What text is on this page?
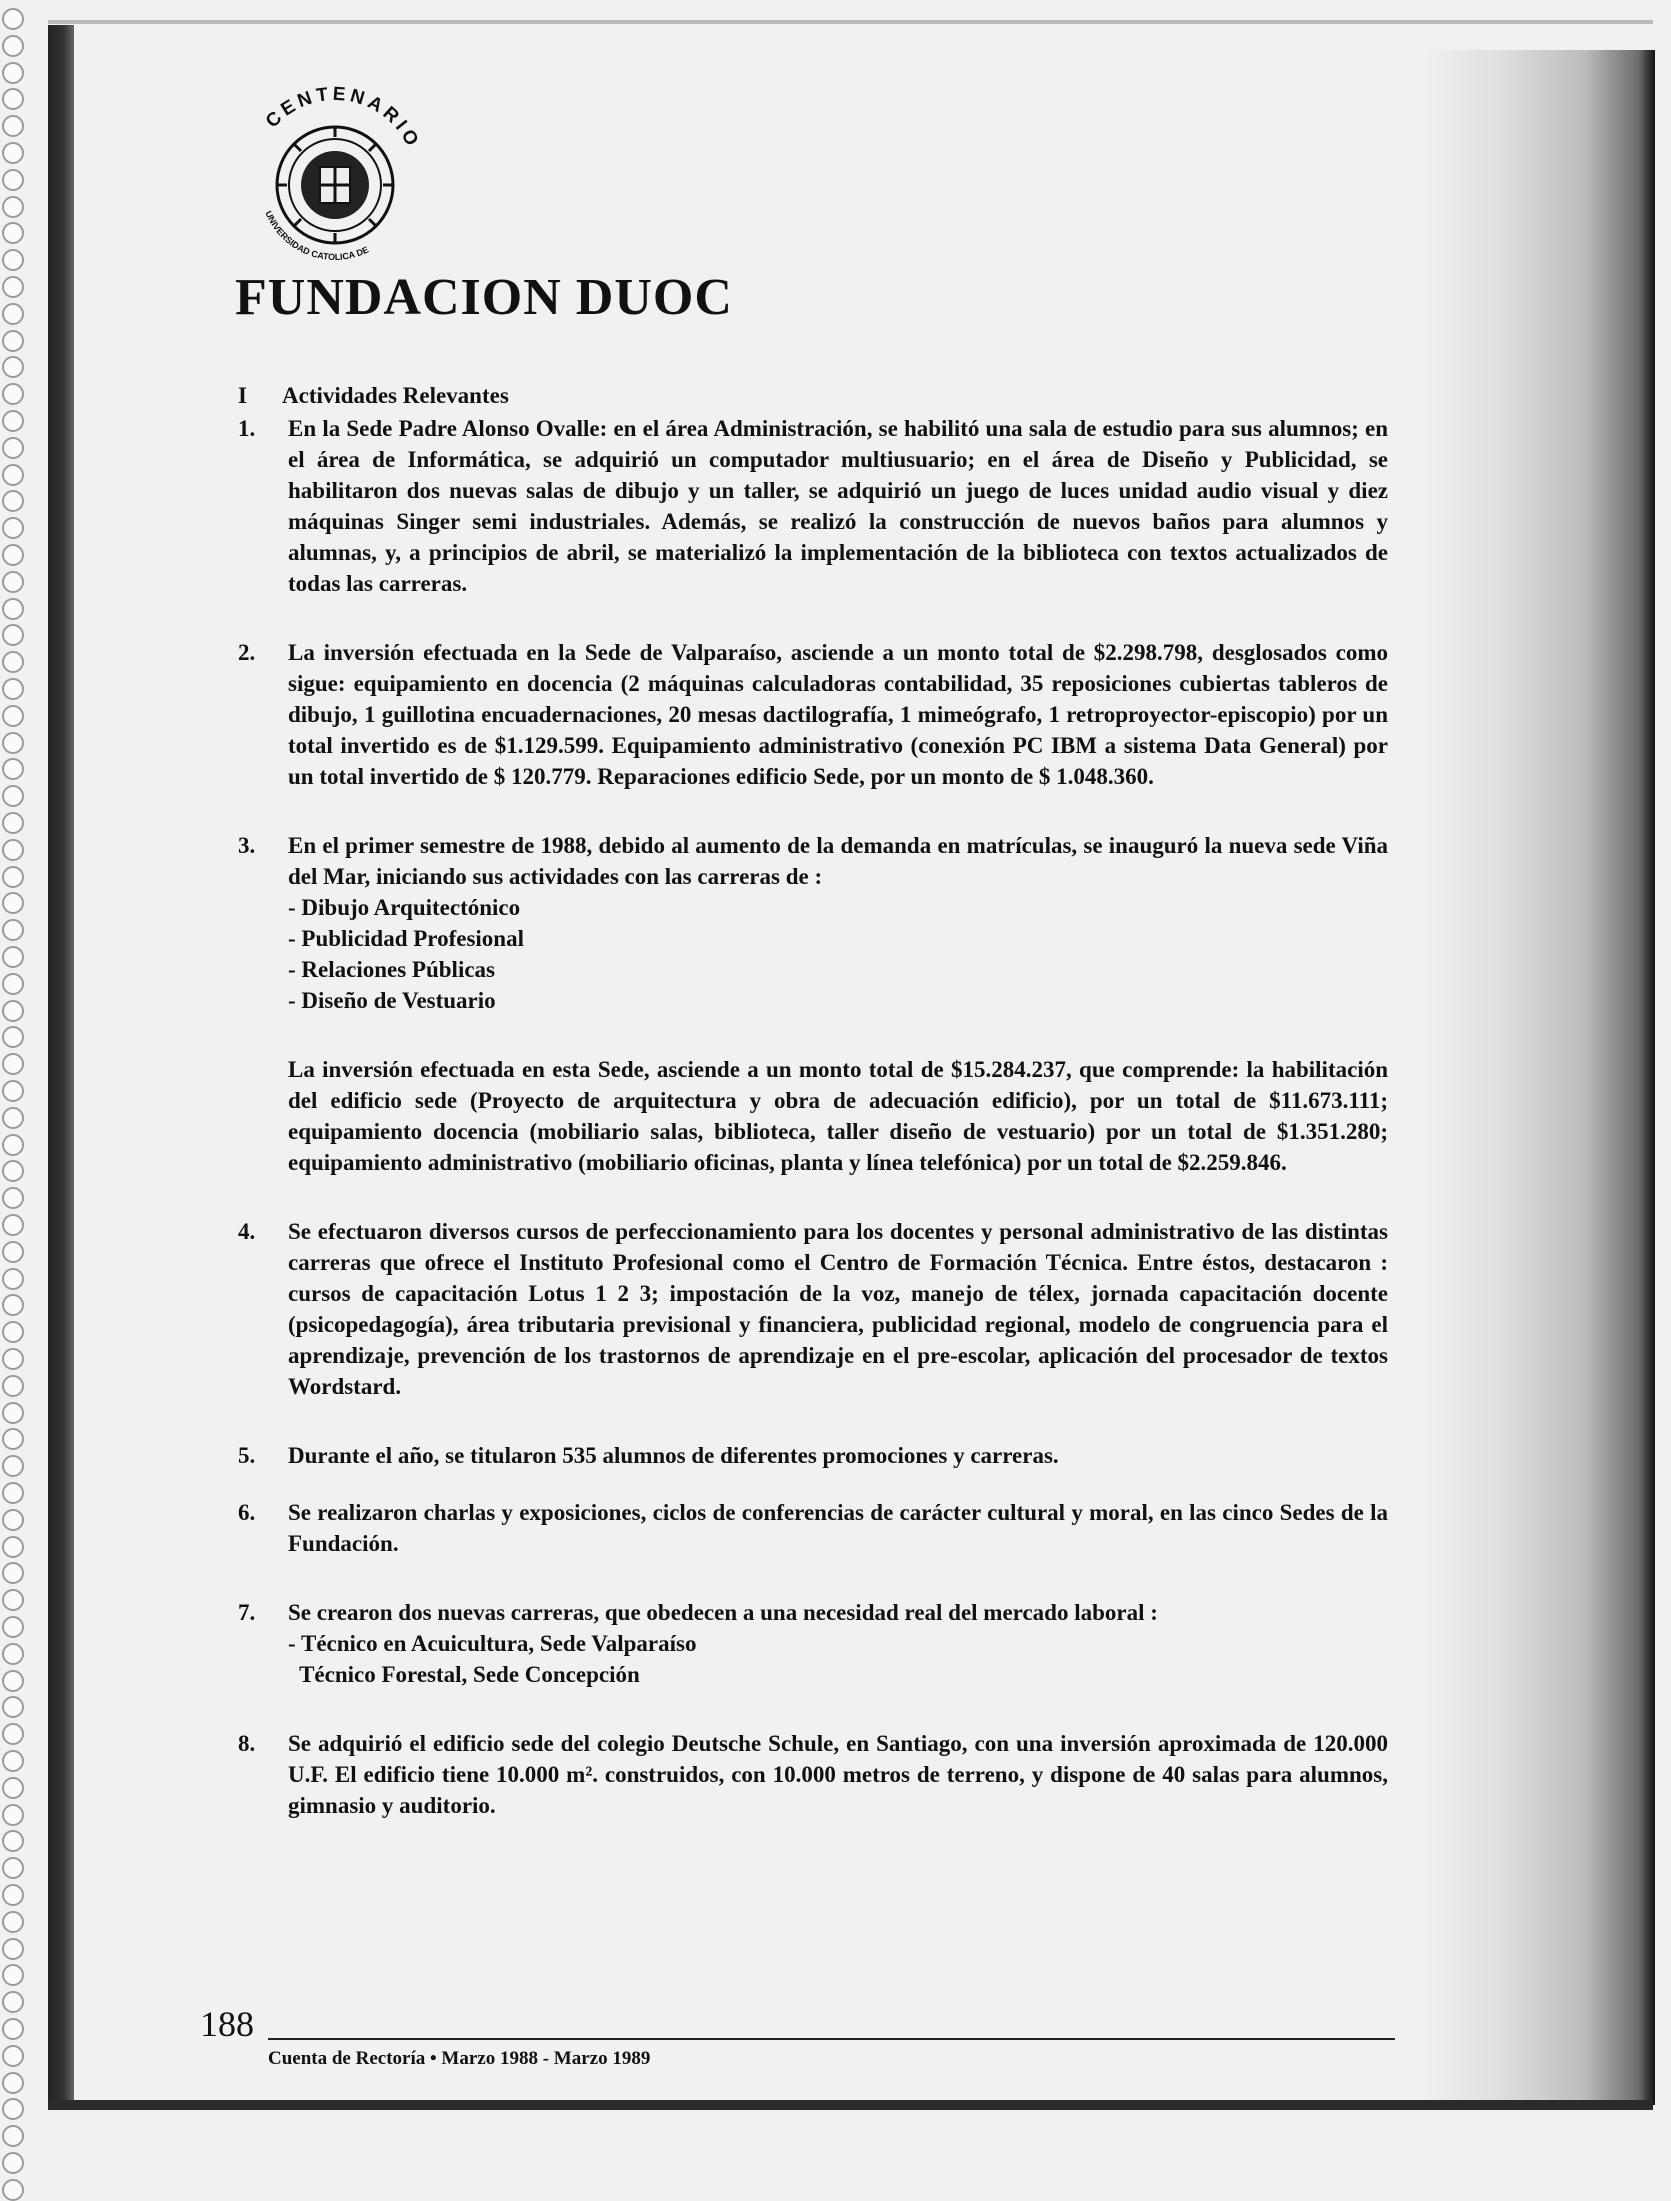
CENTENARIO
UNIVERSIDAD CATOLICA DE
FUNDACION DUOC
I Actividades Relevantes
1. En la Sede Padre Alonso Ovalle: en el área Administración, se habilitó una sala de estudio para sus alumnos; en el área de Informática, se adquirió un computador multiusuario; en el área de Diseño y Publicidad, se habilitaron dos nuevas salas de dibujo y un taller, se adquirió un juego de luces unidad audio visual y diez máquinas Singer semi industriales. Además, se realizó la construcción de nuevos baños para alumnos y alumnas, y, a principios de abril, se materializó la implementación de la biblioteca con textos actualizados de todas las carreras.

2. La inversión efectuada en la Sede de Valparaíso, asciende a un monto total de $2.298.798, desglosados como sigue: equipamiento en docencia (2 máquinas calculadoras contabilidad, 35 reposiciones cubiertas tableros de dibujo, 1 guillotina encuadernaciones, 20 mesas dactilografía, 1 mimeógrafo, 1 retroproyector-episcopio) por un total invertido es de $1.129.599. Equipamiento administrativo (conexión PC IBM a sistema Data General) por un total invertido de $ 120.779. Reparaciones edificio Sede, por un monto de $ 1.048.360.

3. En el primer semestre de 1988, debido al aumento de la demanda en matrículas, se inauguró la nueva sede Viña del Mar, iniciando sus actividades con las carreras de :

- Dibujo Arquitectónico
- Publicidad Profesional
- Relaciones Públicas
- Diseño de Vestuario

La inversión efectuada en esta Sede, asciende a un monto total de $15.284.237, que comprende: la habilitación del edificio sede (Proyecto de arquitectura y obra de adecuación edificio), por un total de $11.673.111; equipamiento docencia (mobiliario salas, biblioteca, taller diseño de vestuario) por un total de $1.351.280; equipamiento administrativo (mobiliario oficinas, planta y línea telefónica) por un total de $2.259.846.

4. Se efectuaron diversos cursos de perfeccionamiento para los docentes y personal administrativo de las distintas carreras que ofrece el Instituto Profesional como el Centro de Formación Técnica. Entre éstos, destacaron : cursos de capacitación Lotus 1 2 3; impostación de la voz, manejo de télex, jornada capacitación docente (psicopedagogía), área tributaria previsional y financiera, publicidad regional, modelo de congruencia para el aprendizaje, prevención de los trastornos de aprendizaje en el pre-escolar, aplicación del procesador de textos Wordstard.

5. Durante el año, se titularon 535 alumnos de diferentes promociones y carreras.

6. Se realizaron charlas y exposiciones, ciclos de conferencias de carácter cultural y moral, en las cinco Sedes de la Fundación.

7. Se crearon dos nuevas carreras, que obedecen a una necesidad real del mercado laboral :

- Técnico en Acuicultura, Sede Valparaíso
Técnico Forestal, Sede Concepción
8. Se adquirió el edificio sede del colegio Deutsche Schule, en Santiago, con una inversión aproximada de 120.000 U.F. El edificio tiene 10.000 m². construidos, con 10.000 metros de terreno, y dispone de 40 salas para alumnos, gimnasio y auditorio.

188
Cuenta de Rectoría • Marzo 1988 - Marzo 1989
